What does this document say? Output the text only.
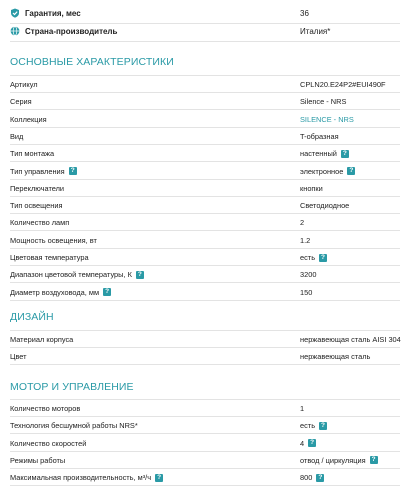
Гарантия, мес	36
Страна-производитель	Италия*
ОСНОВНЫЕ ХАРАКТЕРИСТИКИ
Артикул	CPLN20.E24P2#EUI490F
Серия	Silence - NRS
Коллекция	SILENCE - NRS
Вид	T-образная
Тип монтажа	настенный ?
Тип управления ?	электронное ?
Переключатели	кнопки
Тип освещения	Светодиодное
Количество ламп	2
Мощность освещения, вт	1.2
Цветовая температура	есть ?
Диапазон цветовой температуры, К ?	3200
Диаметр воздуховода, мм ?	150
ДИЗАЙН
Материал корпуса	нержавеющая сталь AISI 304
Цвет	нержавеющая сталь
МОТОР И УПРАВЛЕНИЕ
Количество моторов	1
Технология бесшумной работы NRS*	есть ?
Количество скоростей	4 ?
Режимы работы	отвод / циркуляция ?
Максимальная производительность, м³/ч ?	800 ?
